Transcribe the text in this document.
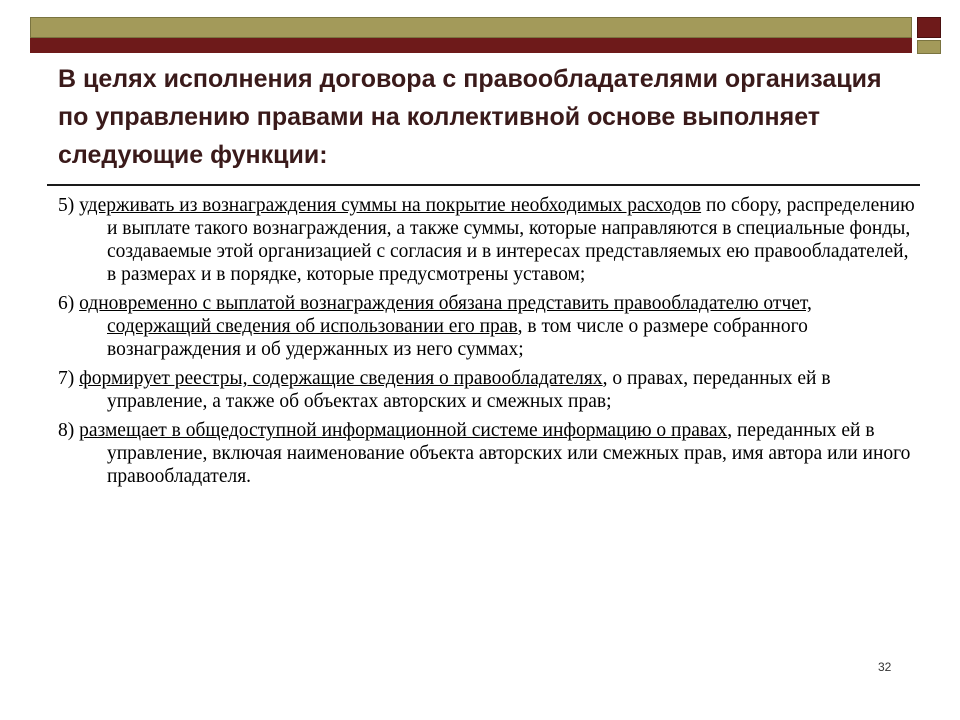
В целях исполнения договора с правообладателями организация по управлению правами на коллективной основе выполняет следующие функции:
5) удерживать из вознаграждения суммы на покрытие необходимых расходов по сбору, распределению и выплате такого вознаграждения, а также суммы, которые направляются в специальные фонды, создаваемые этой организацией с согласия и в интересах представляемых ею правообладателей, в размерах и в порядке, которые предусмотрены уставом;
6) одновременно с выплатой вознаграждения обязана представить правообладателю отчет, содержащий сведения об использовании его прав, в том числе о размере собранного вознаграждения и об удержанных из него суммах;
7) формирует реестры, содержащие сведения о правообладателях, о правах, переданных ей в управление, а также об объектах авторских и смежных прав;
8) размещает в общедоступной информационной системе информацию о правах, переданных ей в управление, включая наименование объекта авторских или смежных прав, имя автора или иного правообладателя.
32
